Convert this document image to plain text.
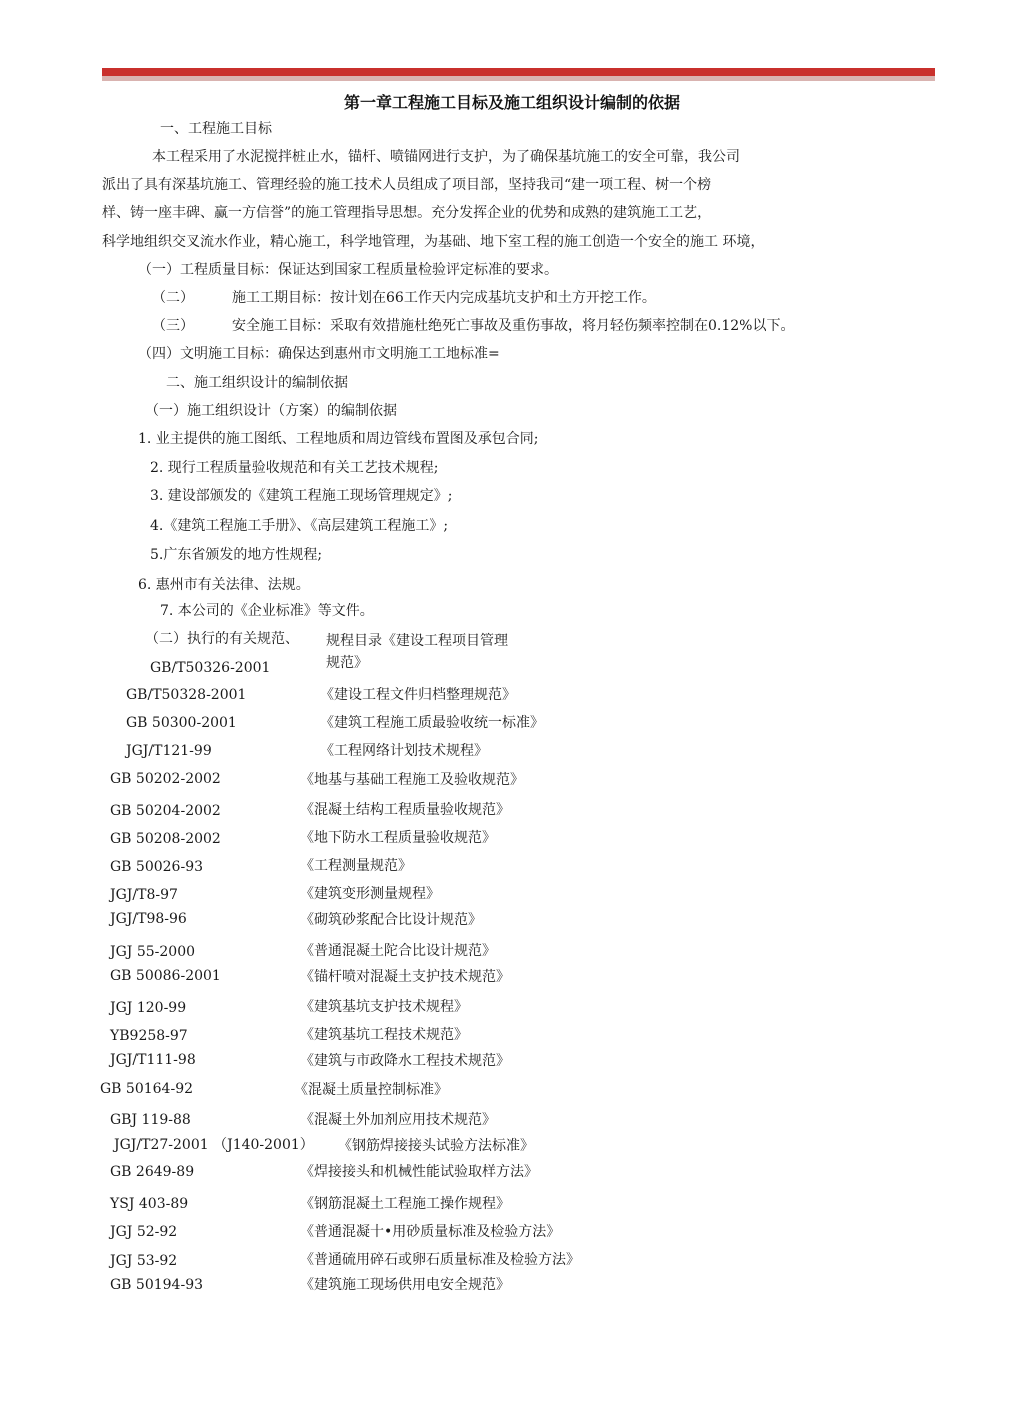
第一章工程施工目标及施工组织设计编制的依据
一、工程施工目标
本工程采用了水泥搅拌桩止水，锚杆、喷锚网进行支护，为了确保基坑施工的安全可靠，我公司
派出了具有深基坑施工、管理经验的施工技术人员组成了项目部，坚持我司“建一项工程、树一个榜
样、铸一座丰碑、赢一方信誉”的施工管理指导思想。充分发挥企业的优势和成熟的建筑施工工艺，
科学地组织交叉流水作业，精心施工，科学地管理，为基础、地下室工程的施工创造一个安全的施工 环境，
（一）工程质量目标：保证达到国家工程质量检验评定标准的要求。
（二）	施工工期目标：按计划在66工作天内完成基坑支护和土方开挖工作。
（三）	安全施工目标：采取有效措施杜绝死亡事故及重伤事故，将月轻伤频率控制在0.12%以下。
（四）文明施工目标：确保达到惠州市文明施工工地标准=
二、施工组织设计的编制依据
（一）施工组织设计（方案）的编制依据
1. 业主提供的施工图纸、工程地质和周边管线布置图及承包合同;
2. 现行工程质量验收规范和有关工艺技术规程;
3. 建设部颁发的《建筑工程施工现场管理规定》;
4.《建筑工程施工手册》、《高层建筑工程施工》;
5.广东省颁发的地方性规程;
6. 惠州市有关法律、法规。
7. 本公司的《企业标准》等文件。
（二）执行的有关规范、 规程目录《建设工程项目管理
规范》
GB/T50326-2001
GB/T50328-2001	《建设工程文件归档整理规范》
GB 50300-2001	《建筑工程施工质最验收统一标准》
JGJ/T121-99	《工程网络计划技术规程》
GB 50202-2002	《地基与基础工程施工及验收规范》
GB 50204-2002	《混凝土结构工程质量验收规范》
GB 50208-2002	《地下防水工程质量验收规范》
GB 50026-93	《工程测量规范》
JGJ/T8-97	《建筑变形测量规程》
JGJ/T98-96	《砌筑砂浆配合比设计规范》
JGJ 55-2000	《普通混凝土陀合比设计规范》
GB 50086-2001	《锚杆喷对混凝土支护技术规范》
JGJ 120-99	《建筑基坑支护技术规程》
YB9258-97	《建筑基坑工程技术规范》
JGJ/T111-98	《建筑与市政降水工程技术规范》
GB 50164-92	《混凝土质量控制标准》
GBJ 119-88	《混凝土外加剂应用技术规范》
JGJ/T27-2001 （J140-2001） 《钢筋焊接接头试验方法标准》
GB 2649-89	《焊接接头和机械性能试验取样方法》
YSJ 403-89	《钢筋混凝土工程施工操作规程》
JGJ 52-92	《普通混凝十•用砂质量标准及检验方法》
JGJ 53-92	《普通硫用碎石或卵石质量标准及检验方法》
GB 50194-93	《建筑施工现场供用电安全规范》
